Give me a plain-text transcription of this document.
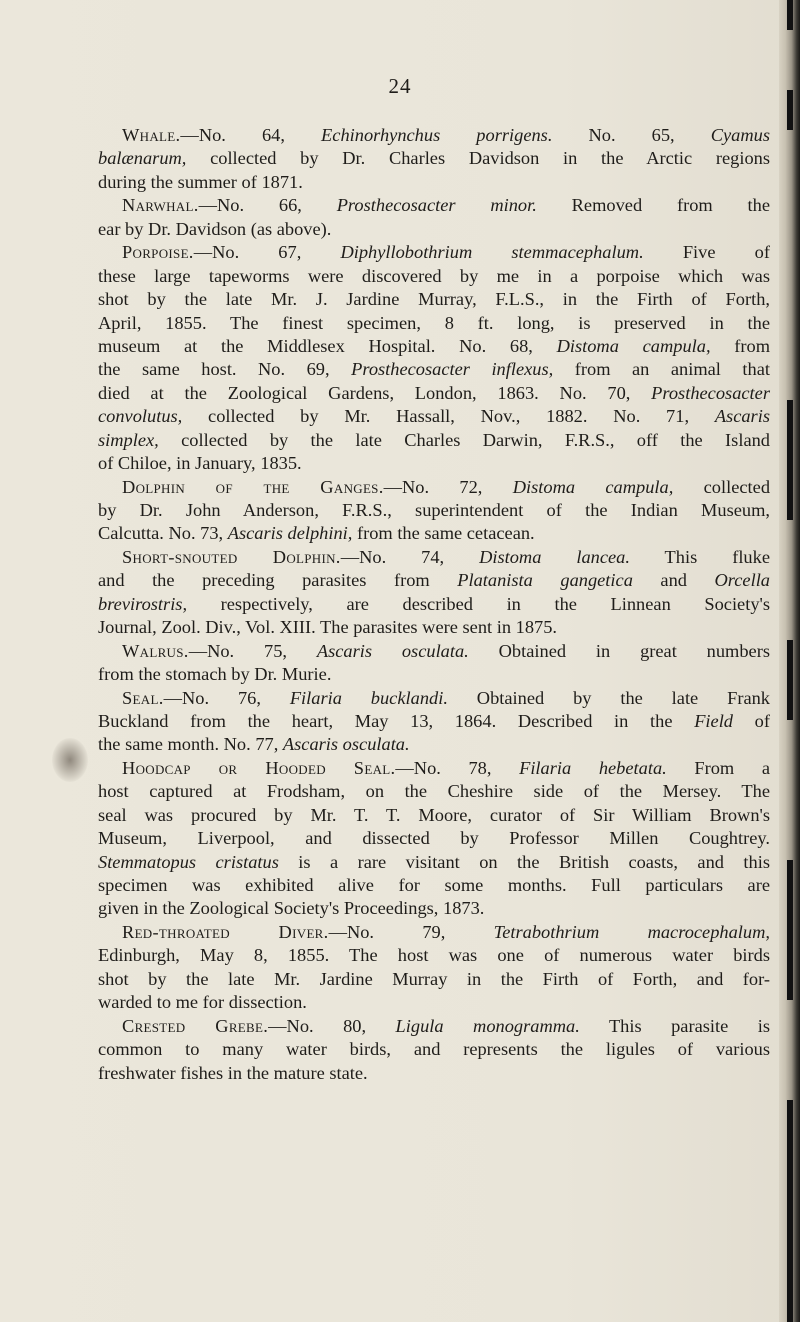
24
Whale.—No. 64, Echinorhynchus porrigens. No. 65, Cyamus
balænarum, collected by Dr. Charles Davidson in the Arctic regions
during the summer of 1871.
Narwhal.—No. 66, Prosthecosacter minor. Removed from the
ear by Dr. Davidson (as above).
Porpoise.—No. 67, Diphyllobothrium stemmacephalum. Five of
these large tapeworms were discovered by me in a porpoise which was
shot by the late Mr. J. Jardine Murray, F.L.S., in the Firth of Forth,
April, 1855. The finest specimen, 8 ft. long, is preserved in the
museum at the Middlesex Hospital. No. 68, Distoma campula, from
the same host. No. 69, Prosthecosacter inflexus, from an animal that
died at the Zoological Gardens, London, 1863. No. 70, Prosthecosacter
convolutus, collected by Mr. Hassall, Nov., 1882. No. 71, Ascaris
simplex, collected by the late Charles Darwin, F.R.S., off the Island
of Chiloe, in January, 1835.
Dolphin of the Ganges.—No. 72, Distoma campula, collected
by Dr. John Anderson, F.R.S., superintendent of the Indian Museum,
Calcutta. No. 73, Ascaris delphini, from the same cetacean.
Short-snouted Dolphin.—No. 74, Distoma lancea. This fluke
and the preceding parasites from Platanista gangetica and Orcella
brevirostris, respectively, are described in the Linnean Society's
Journal, Zool. Div., Vol. XIII. The parasites were sent in 1875.
Walrus.—No. 75, Ascaris osculata. Obtained in great numbers
from the stomach by Dr. Murie.
Seal.—No. 76, Filaria bucklandi. Obtained by the late Frank
Buckland from the heart, May 13, 1864. Described in the Field of
the same month. No. 77, Ascaris osculata.
Hoodcap or Hooded Seal.—No. 78, Filaria hebetata. From a
host captured at Frodsham, on the Cheshire side of the Mersey. The
seal was procured by Mr. T. T. Moore, curator of Sir William Brown's
Museum, Liverpool, and dissected by Professor Millen Coughtrey.
Stemmatopus cristatus is a rare visitant on the British coasts, and this
specimen was exhibited alive for some months. Full particulars are
given in the Zoological Society's Proceedings, 1873.
Red-throated Diver.—No. 79, Tetrabothrium macrocephalum,
Edinburgh, May 8, 1855. The host was one of numerous water birds
shot by the late Mr. Jardine Murray in the Firth of Forth, and for-
warded to me for dissection.
Crested Grebe.—No. 80, Ligula monogramma. This parasite is
common to many water birds, and represents the ligules of various
freshwater fishes in the mature state.
